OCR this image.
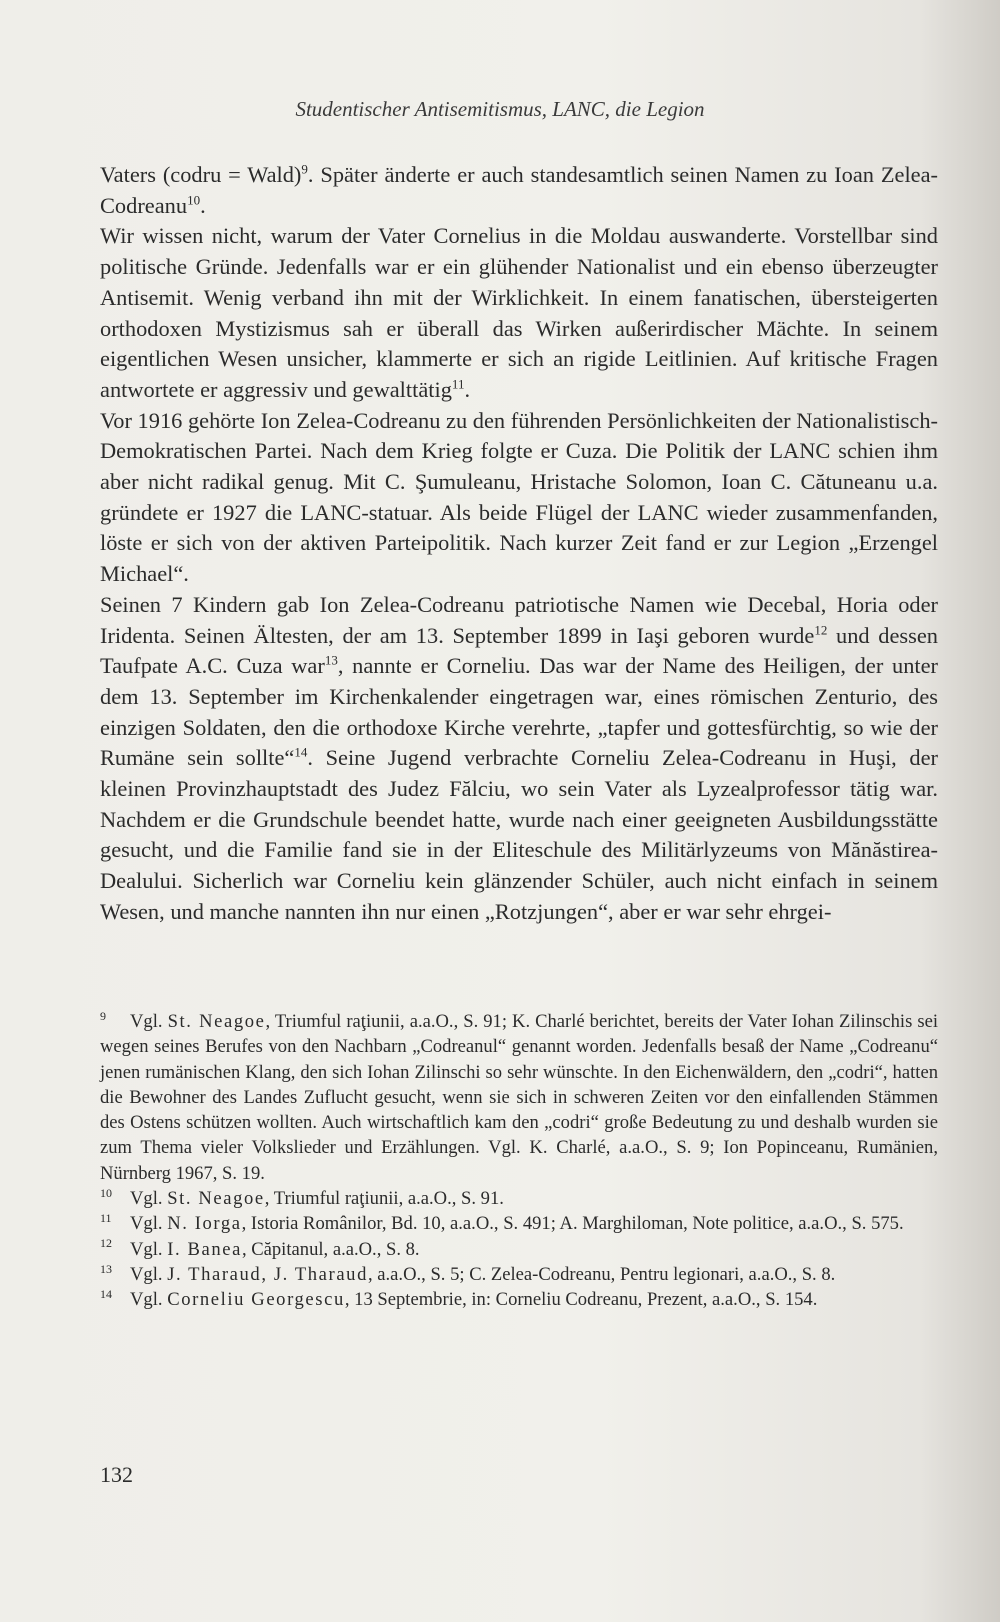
Studentischer Antisemitismus, LANC, die Legion

Vaters (codru = Wald)$^9$. Später änderte er auch standesamtlich seinen Namen zu Ioan Zelea-Codreanu$^{10}$.

Wir wissen nicht, warum der Vater Cornelius in die Moldau auswanderte. Vorstellbar sind politische Gründe. Jedenfalls war er ein glühender Nationalist und ein ebenso überzeugter Antisemit. Wenig verband ihn mit der Wirklichkeit. In einem fanatischen, übersteigerten orthodoxen Mystizismus sah er überall das Wirken außerirdischer Mächte. In seinem eigentlichen Wesen unsicher, klammerte er sich an rigide Leitlinien. Auf kritische Fragen antwortete er aggressiv und gewalttätig$^{11}$.

Vor 1916 gehörte Ion Zelea-Codreanu zu den führenden Persönlichkeiten der Nationalistisch-Demokratischen Partei. Nach dem Krieg folgte er Cuza. Die Politik der LANC schien ihm aber nicht radikal genug. Mit C. Şumuleanu, Hristache Solomon, Ioan C. Cătuneanu u.a. gründete er 1927 die LANC-statuar. Als beide Flügel der LANC wieder zusammenfanden, löste er sich von der aktiven Parteipolitik. Nach kurzer Zeit fand er zur Legion „Erzengel Michael“.

Seinen 7 Kindern gab Ion Zelea-Codreanu patriotische Namen wie Decebal, Horia oder Iridenta. Seinen Ältesten, der am 13. September 1899 in Iaşi geboren wurde$^{12}$ und dessen Taufpate A.C. Cuza war$^{13}$, nannte er Corneliu. Das war der Name des Heiligen, der unter dem 13. September im Kirchenkalender eingetragen war, eines römischen Zenturio, des einzigen Soldaten, den die orthodoxe Kirche verehrte, „tapfer und gottesfürchtig, so wie der Rumäne sein sollte“$^{14}$. Seine Jugend verbrachte Corneliu Zelea-Codreanu in Huşi, der kleinen Provinzhauptstadt des Judez Fălciu, wo sein Vater als Lyzealprofessor tätig war. Nachdem er die Grundschule beendet hatte, wurde nach einer geeigneten Ausbildungsstätte gesucht, und die Familie fand sie in der Eliteschule des Militärlyzeums von Mănăstirea-Dealului. Sicherlich war Corneliu kein glänzender Schüler, auch nicht einfach in seinem Wesen, und manche nannten ihn nur einen „Rotzjungen“, aber er war sehr ehrgei-

9 Vgl. St. Neagoe, Triumful raţiunii, a.a.O., S. 91; K. Charlé berichtet, bereits der Vater Iohan Zilinschis sei wegen seines Berufes von den Nachbarn „Codreanul“ genannt worden. Jedenfalls besaß der Name „Codreanu“ jenen rumänischen Klang, den sich Iohan Zilinschi so sehr wünschte. In den Eichenwäldern, den „codri“, hatten die Bewohner des Landes Zuflucht gesucht, wenn sie sich in schweren Zeiten vor den einfallenden Stämmen des Ostens schützen wollten. Auch wirtschaftlich kam den „codri“ große Bedeutung zu und deshalb wurden sie zum Thema vieler Volkslieder und Erzählungen. Vgl. K. Charlé, a.a.O., S. 9; Ion Popinceanu, Rumänien, Nürnberg 1967, S. 19.

10 Vgl. St. Neagoe, Triumful raţiunii, a.a.O., S. 91.

11 Vgl. N. Iorga, Istoria Românilor, Bd. 10, a.a.O., S. 491; A. Marghiloman, Note politice, a.a.O., S. 575.

12 Vgl. I. Banea, Căpitanul, a.a.O., S. 8.

13 Vgl. J. Tharaud, J. Tharaud, a.a.O., S. 5; C. Zelea-Codreanu, Pentru legionari, a.a.O., S. 8.

14 Vgl. Corneliu Georgescu, 13 Septembrie, in: Corneliu Codreanu, Prezent, a.a.O., S. 154.

132
